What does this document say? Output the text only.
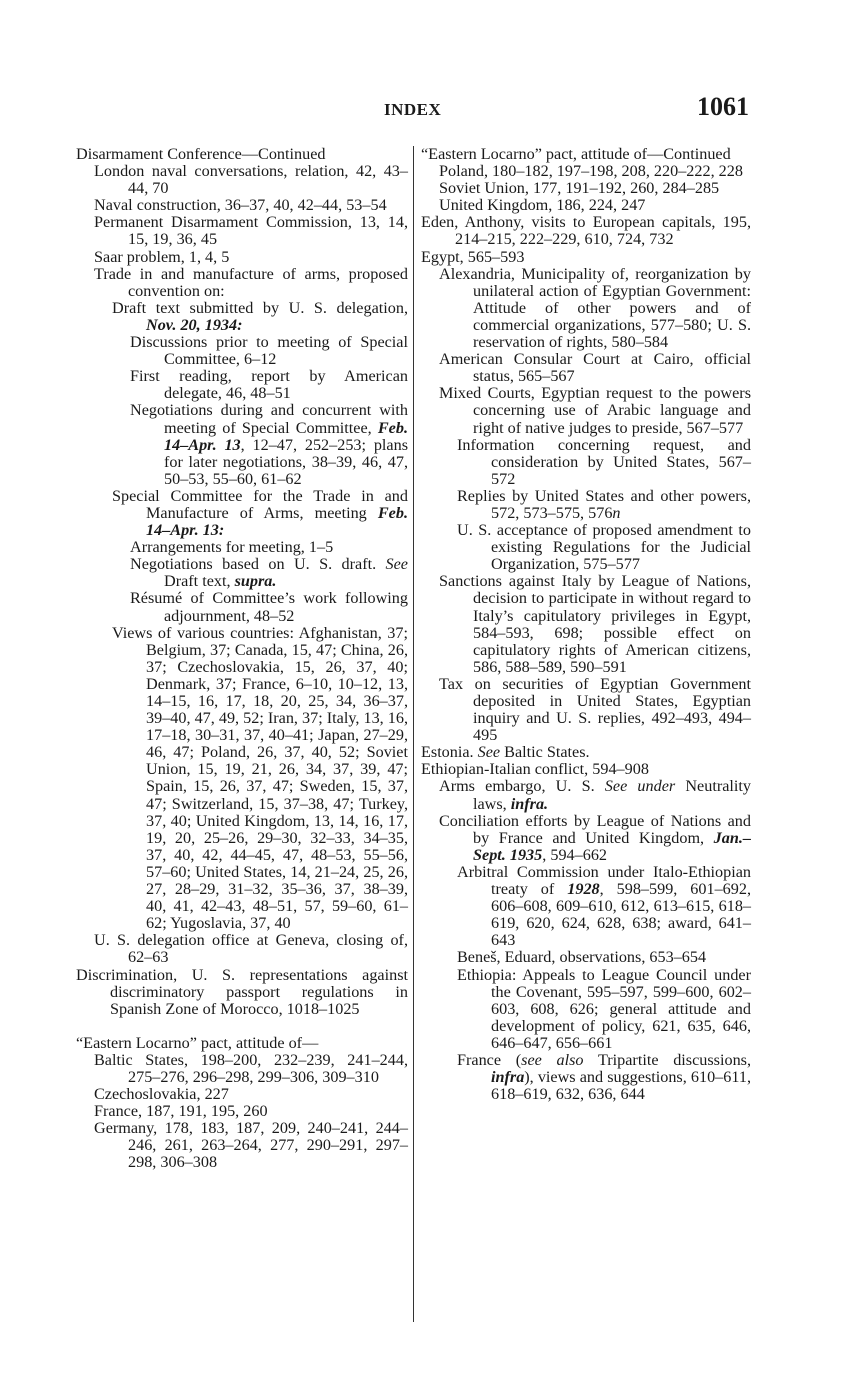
INDEX	1061

Disarmament Conference—Continued

London naval conversations, relation, 42, 43–44, 70

Naval construction, 36–37, 40, 42–44, 53–54

Permanent Disarmament Commission, 13, 14, 15, 19, 36, 45

Saar problem, 1, 4, 5

Trade in and manufacture of arms, proposed convention on:

Draft text submitted by U. S. delegation, Nov. 20, 1934:

Discussions prior to meeting of Special Committee, 6–12

First reading, report by American delegate, 46, 48–51

Negotiations during and concurrent with meeting of Special Committee, Feb. 14–Apr. 13, 12–47, 252–253; plans for later negotiations, 38–39, 46, 47, 50–53, 55–60, 61–62

Special Committee for the Trade in and Manufacture of Arms, meeting Feb. 14–Apr. 13:

Arrangements for meeting, 1–5

Negotiations based on U. S. draft. See Draft text, supra.

Résumé of Committee’s work following adjournment, 48–52

Views of various countries: Afghanistan, 37; Belgium, 37; Canada, 15, 47; China, 26, 37; Czechoslovakia, 15, 26, 37, 40; Denmark, 37; France, 6–10, 10–12, 13, 14–15, 16, 17, 18, 20, 25, 34, 36–37, 39–40, 47, 49, 52; Iran, 37; Italy, 13, 16, 17–18, 30–31, 37, 40–41; Japan, 27–29, 46, 47; Poland, 26, 37, 40, 52; Soviet Union, 15, 19, 21, 26, 34, 37, 39, 47; Spain, 15, 26, 37, 47; Sweden, 15, 37, 47; Switzerland, 15, 37–38, 47; Turkey, 37, 40; United Kingdom, 13, 14, 16, 17, 19, 20, 25–26, 29–30, 32–33, 34–35, 37, 40, 42, 44–45, 47, 48–53, 55–56, 57–60; United States, 14, 21–24, 25, 26, 27, 28–29, 31–32, 35–36, 37, 38–39, 40, 41, 42–43, 48–51, 57, 59–60, 61–62; Yugoslavia, 37, 40

U. S. delegation office at Geneva, closing of, 62–63

Discrimination, U. S. representations against discriminatory passport regulations in Spanish Zone of Morocco, 1018–1025

“Eastern Locarno” pact, attitude of—

Baltic States, 198–200, 232–239, 241–244, 275–276, 296–298, 299–306, 309–310

Czechoslovakia, 227

France, 187, 191, 195, 260

Germany, 178, 183, 187, 209, 240–241, 244–246, 261, 263–264, 277, 290–291, 297–298, 306–308

“Eastern Locarno” pact, attitude of—Continued

Poland, 180–182, 197–198, 208, 220–222, 228

Soviet Union, 177, 191–192, 260, 284–285

United Kingdom, 186, 224, 247

Eden, Anthony, visits to European capitals, 195, 214–215, 222–229, 610, 724, 732

Egypt, 565–593

Alexandria, Municipality of, reorganization by unilateral action of Egyptian Government: Attitude of other powers and of commercial organizations, 577–580; U. S. reservation of rights, 580–584

American Consular Court at Cairo, official status, 565–567

Mixed Courts, Egyptian request to the powers concerning use of Arabic language and right of native judges to preside, 567–577

Information concerning request, and consideration by United States, 567–572

Replies by United States and other powers, 572, 573–575, 576n

U. S. acceptance of proposed amendment to existing Regulations for the Judicial Organization, 575–577

Sanctions against Italy by League of Nations, decision to participate in without regard to Italy’s capitulatory privileges in Egypt, 584–593, 698; possible effect on capitulatory rights of American citizens, 586, 588–589, 590–591

Tax on securities of Egyptian Government deposited in United States, Egyptian inquiry and U. S. replies, 492–493, 494–495

Estonia. See Baltic States.

Ethiopian-Italian conflict, 594–908

Arms embargo, U. S. See under Neutrality laws, infra.

Conciliation efforts by League of Nations and by France and United Kingdom, Jan.–Sept. 1935, 594–662

Arbitral Commission under Italo-Ethiopian treaty of 1928, 598–599, 601–692, 606–608, 609–610, 612, 613–615, 618–619, 620, 624, 628, 638; award, 641–643

Beneš, Eduard, observations, 653–654

Ethiopia: Appeals to League Council under the Covenant, 595–597, 599–600, 602–603, 608, 626; general attitude and development of policy, 621, 635, 646, 646–647, 656–661

France (see also Tripartite discussions, infra), views and suggestions, 610–611, 618–619, 632, 636, 644
